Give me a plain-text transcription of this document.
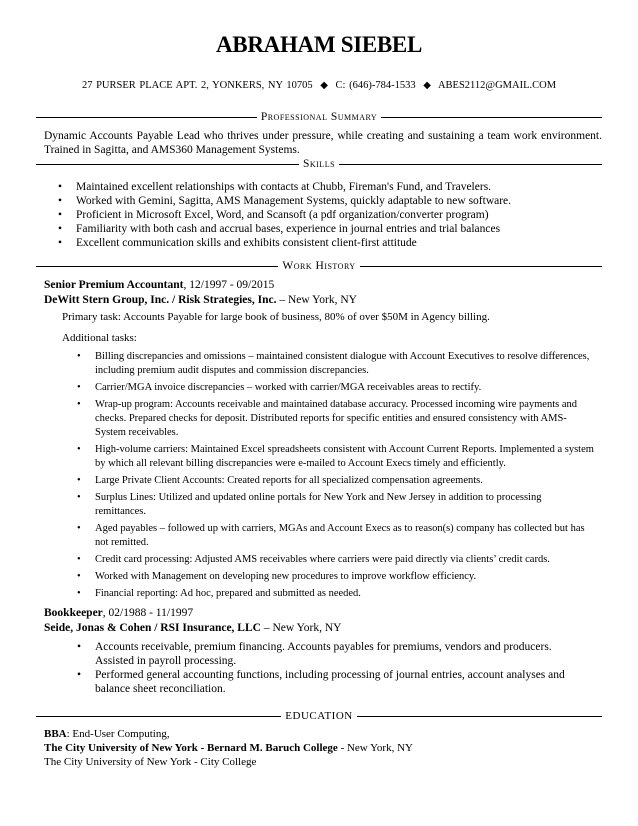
ABRAHAM SIEBEL
27 PURSER PLACE APT. 2, YONKERS, NY 10705 ◆ C: (646)-784-1533 ◆ ABES2112@GMAIL.COM
Professional Summary

Dynamic Accounts Payable Lead who thrives under pressure, while creating and sustaining a team work environment. Trained in Sagitta, and AMS360 Management Systems.

Skills
• Maintained excellent relationships with contacts at Chubb, Fireman's Fund, and Travelers.
• Worked with Gemini, Sagitta, AMS Management Systems, quickly adaptable to new software.
• Proficient in Microsoft Excel, Word, and Scansoft (a pdf organization/converter program)
• Familiarity with both cash and accrual bases, experience in journal entries and trial balances
• Excellent communication skills and exhibits consistent client-first attitude
Work History
Senior Premium Accountant, 12/1997 - 09/2015
DeWitt Stern Group, Inc. / Risk Strategies, Inc. – New York, NY
Primary task: Accounts Payable for large book of business, 80% of over $50M in Agency billing.
Additional tasks:
• Billing discrepancies and omissions – maintained consistent dialogue with Account Executives to resolve differences, including premium audit disputes and commission discrepancies.
• Carrier/MGA invoice discrepancies – worked with carrier/MGA receivables areas to rectify.
• Wrap-up program: Accounts receivable and maintained database accuracy. Processed incoming wire payments and checks. Prepared checks for deposit. Distributed reports for specific entities and ensured consistency with AMS-System receivables.
• High-volume carriers: Maintained Excel spreadsheets consistent with Account Current Reports. Implemented a system by which all relevant billing discrepancies were e-mailed to Account Execs timely and efficiently.
• Large Private Client Accounts: Created reports for all specialized compensation agreements.
• Surplus Lines: Utilized and updated online portals for New York and New Jersey in addition to processing remittances.
• Aged payables – followed up with carriers, MGAs and Account Execs as to reason(s) company has collected but has not remitted.
• Credit card processing: Adjusted AMS receivables where carriers were paid directly via clients’ credit cards.
• Worked with Management on developing new procedures to improve workflow efficiency.
• Financial reporting: Ad hoc, prepared and submitted as needed.
Bookkeeper, 02/1988 - 11/1997
Seide, Jonas & Cohen / RSI Insurance, LLC – New York, NY
• Accounts receivable, premium financing. Accounts payables for premiums, vendors and producers. Assisted in payroll processing.
• Performed general accounting functions, including processing of journal entries, account analyses and balance sheet reconciliation.
EDUCATION
BBA: End-User Computing,
The City University of New York - Bernard M. Baruch College - New York, NY
The City University of New York - City College
